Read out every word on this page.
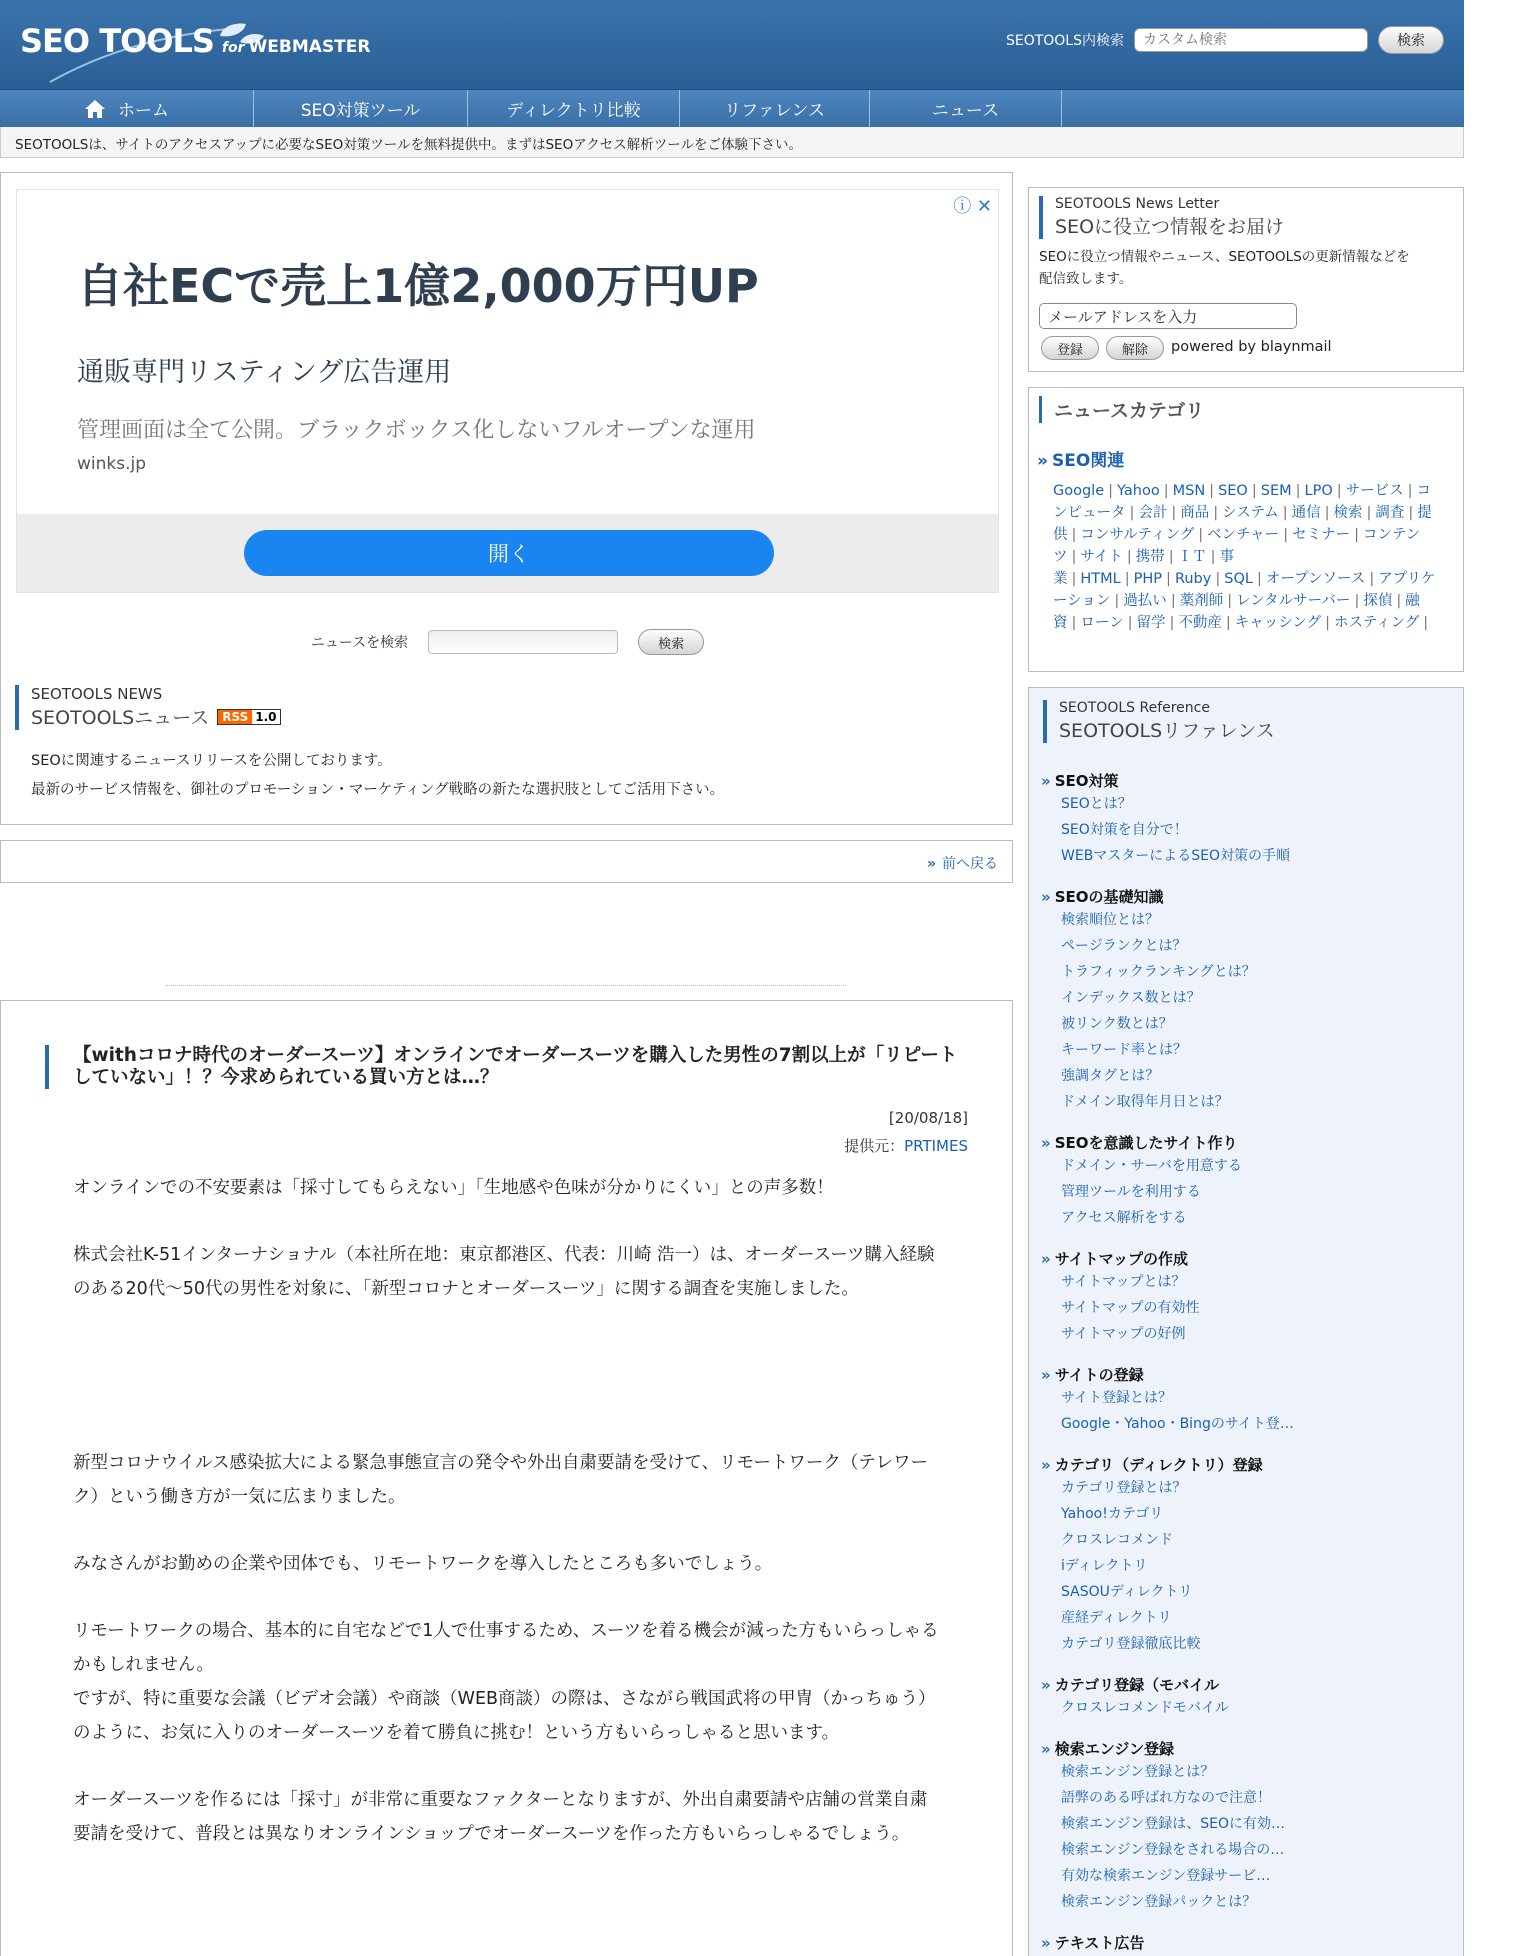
SEO TOOLS for WEBMASTER	SEOTOOLS内検索
カスタム検索	検索
ホーム	SEO対策ツール	ディレクトリ比較	リファレンス	ニュース
SEOTOOLSは、サイトのアクセスアップに必要なSEO対策ツールを無料提供中。まずはSEOアクセス解析ツールをご体験下さい。
ⓘ ✕
自社ECで売上1億2,000万円UP
通販専門リスティング広告運用
管理画面は全て公開。ブラックボックス化しないフルオープンな運用
winks.jp
開く
ニュースを検索	検索
SEOTOOLS NEWS
SEOTOOLSニュース	RSS 1.0
SEOに関連するニュースリリースを公開しております。
最新のサービス情報を、御社のプロモーション・マーケティング戦略の新たな選択肢としてご活用下さい。
» 前へ戻る
【withコロナ時代のオーダースーツ】オンラインでオーダースーツを購入した男性の7割以上が「リピートしていない」！？今求められている買い方とは…？
[20/08/18]
提供元：PRTIMES

オンラインでの不安要素は「採寸してもらえない」「生地感や色味が分かりにくい」との声多数！

株式会社K-51インターナショナル（本社所在地：東京都港区、代表：川崎 浩一）は、オーダースーツ購入経験のある20代〜50代の男性を対象に、「新型コロナとオーダースーツ」に関する調査を実施しました。

新型コロナウイルス感染拡大による緊急事態宣言の発令や外出自粛要請を受けて、リモートワーク（テレワーク）という働き方が一気に広まりました。

みなさんがお勤めの企業や団体でも、リモートワークを導入したところも多いでしょう。

リモートワークの場合、基本的に自宅などで1人で仕事するため、スーツを着る機会が減った方もいらっしゃるかもしれません。

ですが、特に重要な会議（ビデオ会議）や商談（WEB商談）の際は、さながら戦国武将の甲冑（かっちゅう）のように、お気に入りのオーダースーツを着て勝負に挑む！という方もいらっしゃると思います。

オーダースーツを作るには「採寸」が非常に重要なファクターとなりますが、外出自粛要請や店舗の営業自粛要請を受けて、普段とは異なりオンラインショップでオーダースーツを作った方もいらっしゃるでしょう。

SEOTOOLS News Letter
SEOに役立つ情報をお届け
SEOに役立つ情報やニュース、SEOTOOLSの更新情報などを
配信致します。
メールアドレスを入力
登録	解除	powered by blaynmail
ニュースカテゴリ
» SEO関連
Google | Yahoo | MSN | SEO | SEM | LPO | サービス | コンピュータ | 会計 | 商品 | システム | 通信 | 検索 | 調査 | 提供 | コンサルティング | ベンチャー | セミナー | コンテンツ | サイト | 携帯 | ＩＴ | 事業 | HTML | PHP | Ruby | SQL | オープンソース | アプリケーション | 過払い | 薬剤師 | レンタルサーバー | 探偵 | 融資 | ローン | 留学 | 不動産 | キャッシング | ホスティング |
SEOTOOLS Reference
SEOTOOLSリファレンス
» SEO対策
SEOとは？
SEO対策を自分で！
WEBマスターによるSEO対策の手順
» SEOの基礎知識
検索順位とは？
ページランクとは？
トラフィックランキングとは？
インデックス数とは？
被リンク数とは？
キーワード率とは？
強調タグとは？
ドメイン取得年月日とは？
» SEOを意識したサイト作り
ドメイン・サーバを用意する
管理ツールを利用する
アクセス解析をする
» サイトマップの作成
サイトマップとは？
サイトマップの有効性
サイトマップの好例
» サイトの登録
サイト登録とは？
Google・Yahoo・Bingのサイト登…
» カテゴリ（ディレクトリ）登録
カテゴリ登録とは？
Yahoo!カテゴリ
クロスレコメンド
iディレクトリ
SASOUディレクトリ
産経ディレクトリ
カテゴリ登録徹底比較
» カテゴリ登録（モバイル
クロスレコメンドモバイル
» 検索エンジン登録
検索エンジン登録とは？
語弊のある呼ばれ方なので注意！
検索エンジン登録は、SEOに有効…
検索エンジン登録をされる場合の…
有効な検索エンジン登録サービ…
検索エンジン登録パックとは？
» テキスト広告
